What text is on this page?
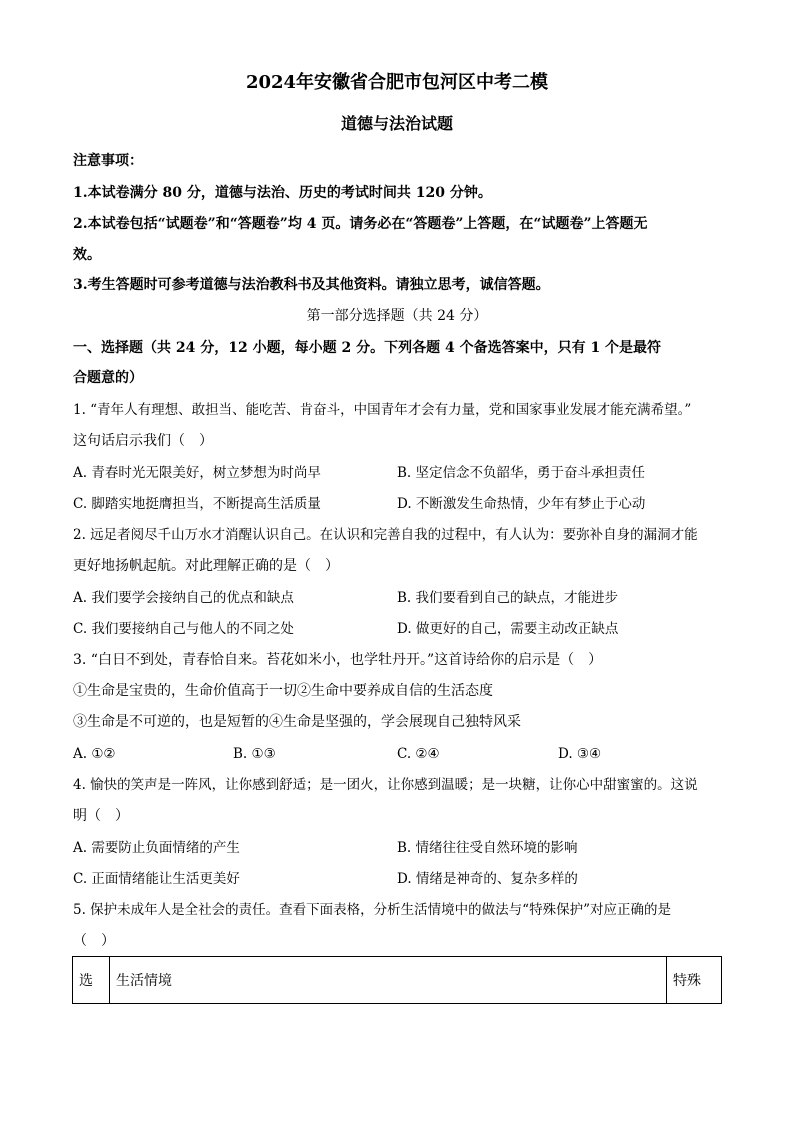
2024年安徽省合肥市包河区中考二模
道德与法治试题
注意事项：
1.本试卷满分 80 分，道德与法治、历史的考试时间共 120 分钟。
2.本试卷包括“试题卷”和“答题卷”均 4 页。请务必在“答题卷”上答题，在“试题卷”上答题无
效。
3.考生答题时可参考道德与法治教科书及其他资料。请独立思考，诚信答题。
第一部分选择题（共 24 分）
一、选择题（共 24 分，12 小题，每小题 2 分。下列各题 4 个备选答案中，只有 1 个是最符
合题意的）
1. “青年人有理想、敢担当、能吃苦、肯奋斗，中国青年才会有力量，党和国家事业发展才能充满希望。”
这句话启示我们（　）
A. 青春时光无限美好，树立梦想为时尚早	B. 坚定信念不负韶华，勇于奋斗承担责任
C. 脚踏实地挺膺担当，不断提高生活质量	D. 不断激发生命热情，少年有梦止于心动
2. 远足者阅尽千山万水才消醒认识自己。在认识和完善自我的过程中，有人认为：要弥补自身的漏洞才能
更好地扬帆起航。对此理解正确的是（　）
A. 我们要学会接纳自己的优点和缺点	B. 我们要看到自己的缺点，才能进步
C. 我们要接纳自己与他人的不同之处	D. 做更好的自己，需要主动改正缺点
3. “白日不到处，青春恰自来。苔花如米小，也学牡丹开。”这首诗给你的启示是（　）
①生命是宝贵的，生命价值高于一切②生命中要养成自信的生活态度
③生命是不可逆的，也是短暂的④生命是坚强的，学会展现自己独特风采
A. ①②	B. ①③	C. ②④	D. ③④
4. 愉快的笑声是一阵风，让你感到舒适；是一团火，让你感到温暖；是一块糖，让你心中甜蜜蜜的。这说
明（　）
A. 需要防止负面情绪的产生	B. 情绪往往受自然环境的影响
C. 正面情绪能让生活更美好	D. 情绪是神奇的、复杂多样的
5. 保护未成年人是全社会的责任。查看下面表格，分析生活情境中的做法与“特殊保护”对应正确的是
（　）
选	生活情境	特殊
